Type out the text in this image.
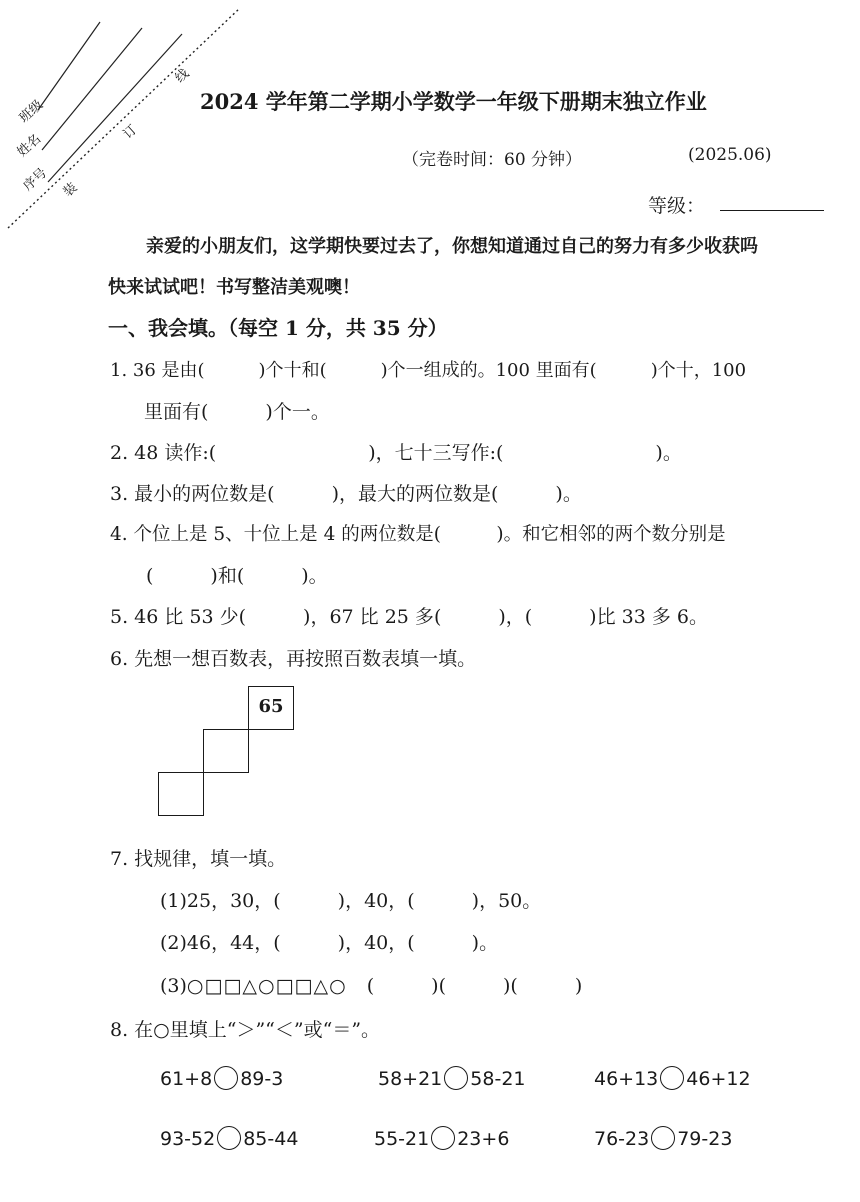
班级
姓名
序号 装
订
线
2024 学年第二学期小学数学一年级下册期末独立作业
（完卷时间：60 分钟）	(2025.06)
等级：
亲爱的小朋友们，这学期快要过去了，你想知道通过自己的努力有多少收获吗
快来试试吧！书写整洁美观噢！
一、我会填。（每空 1 分，共 35 分）
1. 36 是由(　　　)个十和(　　　)个一组成的。100 里面有(　　　)个十，100
里面有(　　　)个一。
2. 48 读作:(　　　　　　　　)，七十三写作:(　　　　　　　　)。
3. 最小的两位数是(　　　)，最大的两位数是(　　　)。
4. 个位上是 5、十位上是 4 的两位数是(　　　)。和它相邻的两个数分别是
(　　　)和(　　　)。
5. 46 比 53 少(　　　)，67 比 25 多(　　　)，(　　　)比 33 多 6。
6. 先想一想百数表，再按照百数表填一填。
65
7. 找规律，填一填。
(1)25，30，(　　　)，40，(　　　)，50。
(2)46，44，(　　　)，40，(　　　)。
(3)○□□△○□□△○ (　　　)(　　　)(　　　)
8. 在○里填上“＞”“＜”或“＝”。
61+8 89-3	58+21 58-21	46+13 46+12
93-52 85-44	55-21 23+6	76-23 79-23
